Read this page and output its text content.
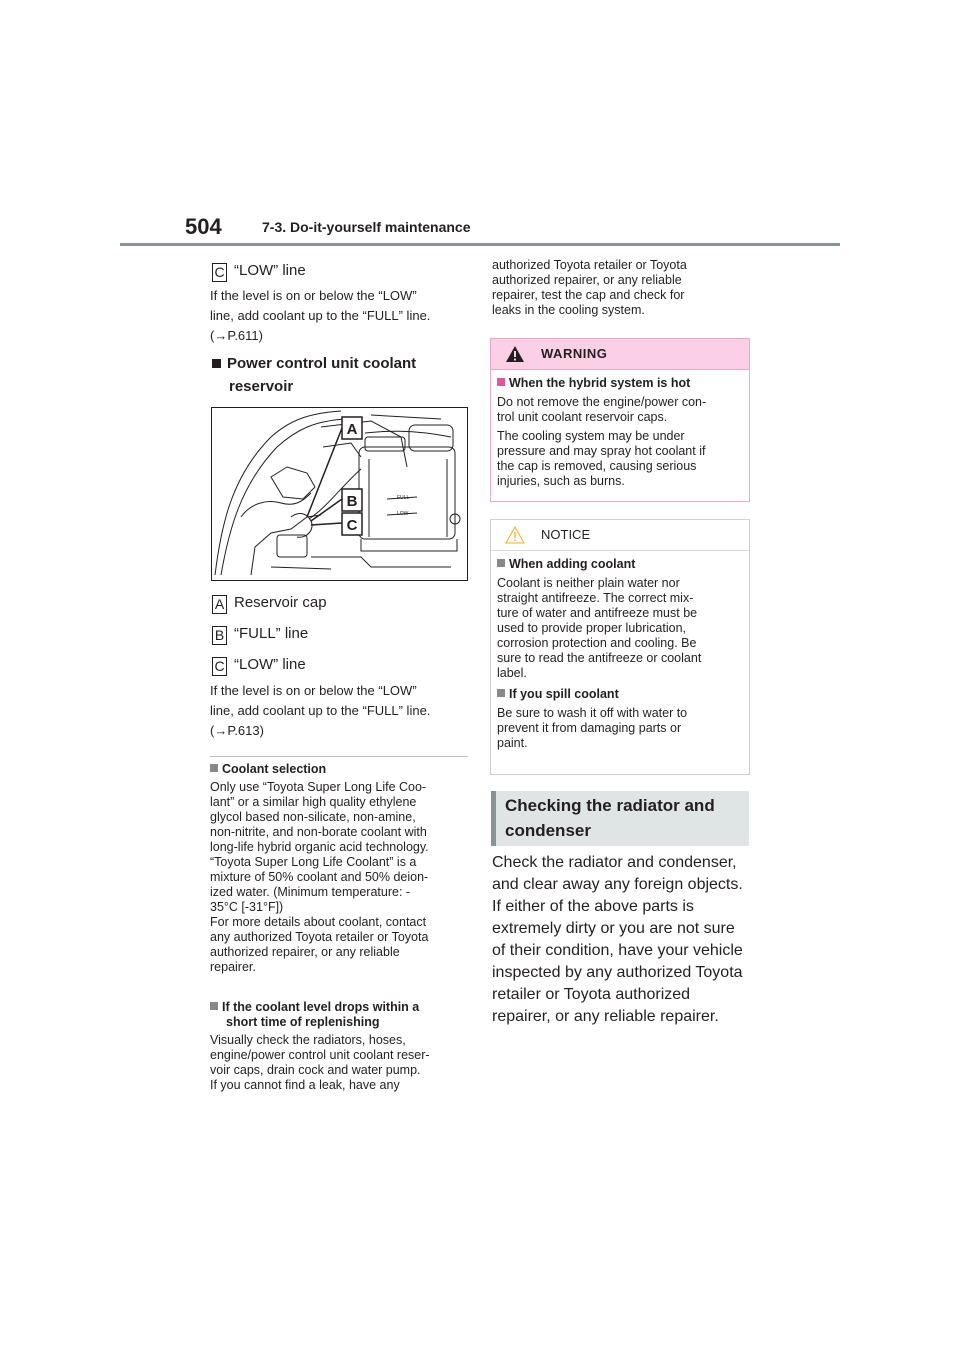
504	7-3. Do-it-yourself maintenance
C “LOW” line
If the level is on or below the “LOW”
line, add coolant up to the “FULL” line.
(→P.611)
Power control unit coolant
reservoir
FULL
LOW
A
B
C
A Reservoir cap
B “FULL” line
C “LOW” line
If the level is on or below the “LOW”
line, add coolant up to the “FULL” line.
(→P.613)
Coolant selection
Only use “Toyota Super Long Life Coo-
lant” or a similar high quality ethylene
glycol based non-silicate, non-amine,
non-nitrite, and non-borate coolant with
long-life hybrid organic acid technology.
“Toyota Super Long Life Coolant” is a
mixture of 50% coolant and 50% deion-
ized water. (Minimum temperature: -
35°C [-31°F])
For more details about coolant, contact
any authorized Toyota retailer or Toyota
authorized repairer, or any reliable
repairer.
If the coolant level drops within a
short time of replenishing
Visually check the radiators, hoses,
engine/power control unit coolant reser-
voir caps, drain cock and water pump.
If you cannot find a leak, have any
authorized Toyota retailer or Toyota
authorized repairer, or any reliable
repairer, test the cap and check for
leaks in the cooling system.
WARNING
When the hybrid system is hot
Do not remove the engine/power con-
trol unit coolant reservoir caps.
The cooling system may be under
pressure and may spray hot coolant if
the cap is removed, causing serious
injuries, such as burns.
NOTICE
When adding coolant
Coolant is neither plain water nor
straight antifreeze. The correct mix-
ture of water and antifreeze must be
used to provide proper lubrication,
corrosion protection and cooling. Be
sure to read the antifreeze or coolant
label.
If you spill coolant
Be sure to wash it off with water to
prevent it from damaging parts or
paint.
Checking the radiator and
condenser
Check the radiator and condenser,
and clear away any foreign objects.
If either of the above parts is
extremely dirty or you are not sure
of their condition, have your vehicle
inspected by any authorized Toyota
retailer or Toyota authorized
repairer, or any reliable repairer.
